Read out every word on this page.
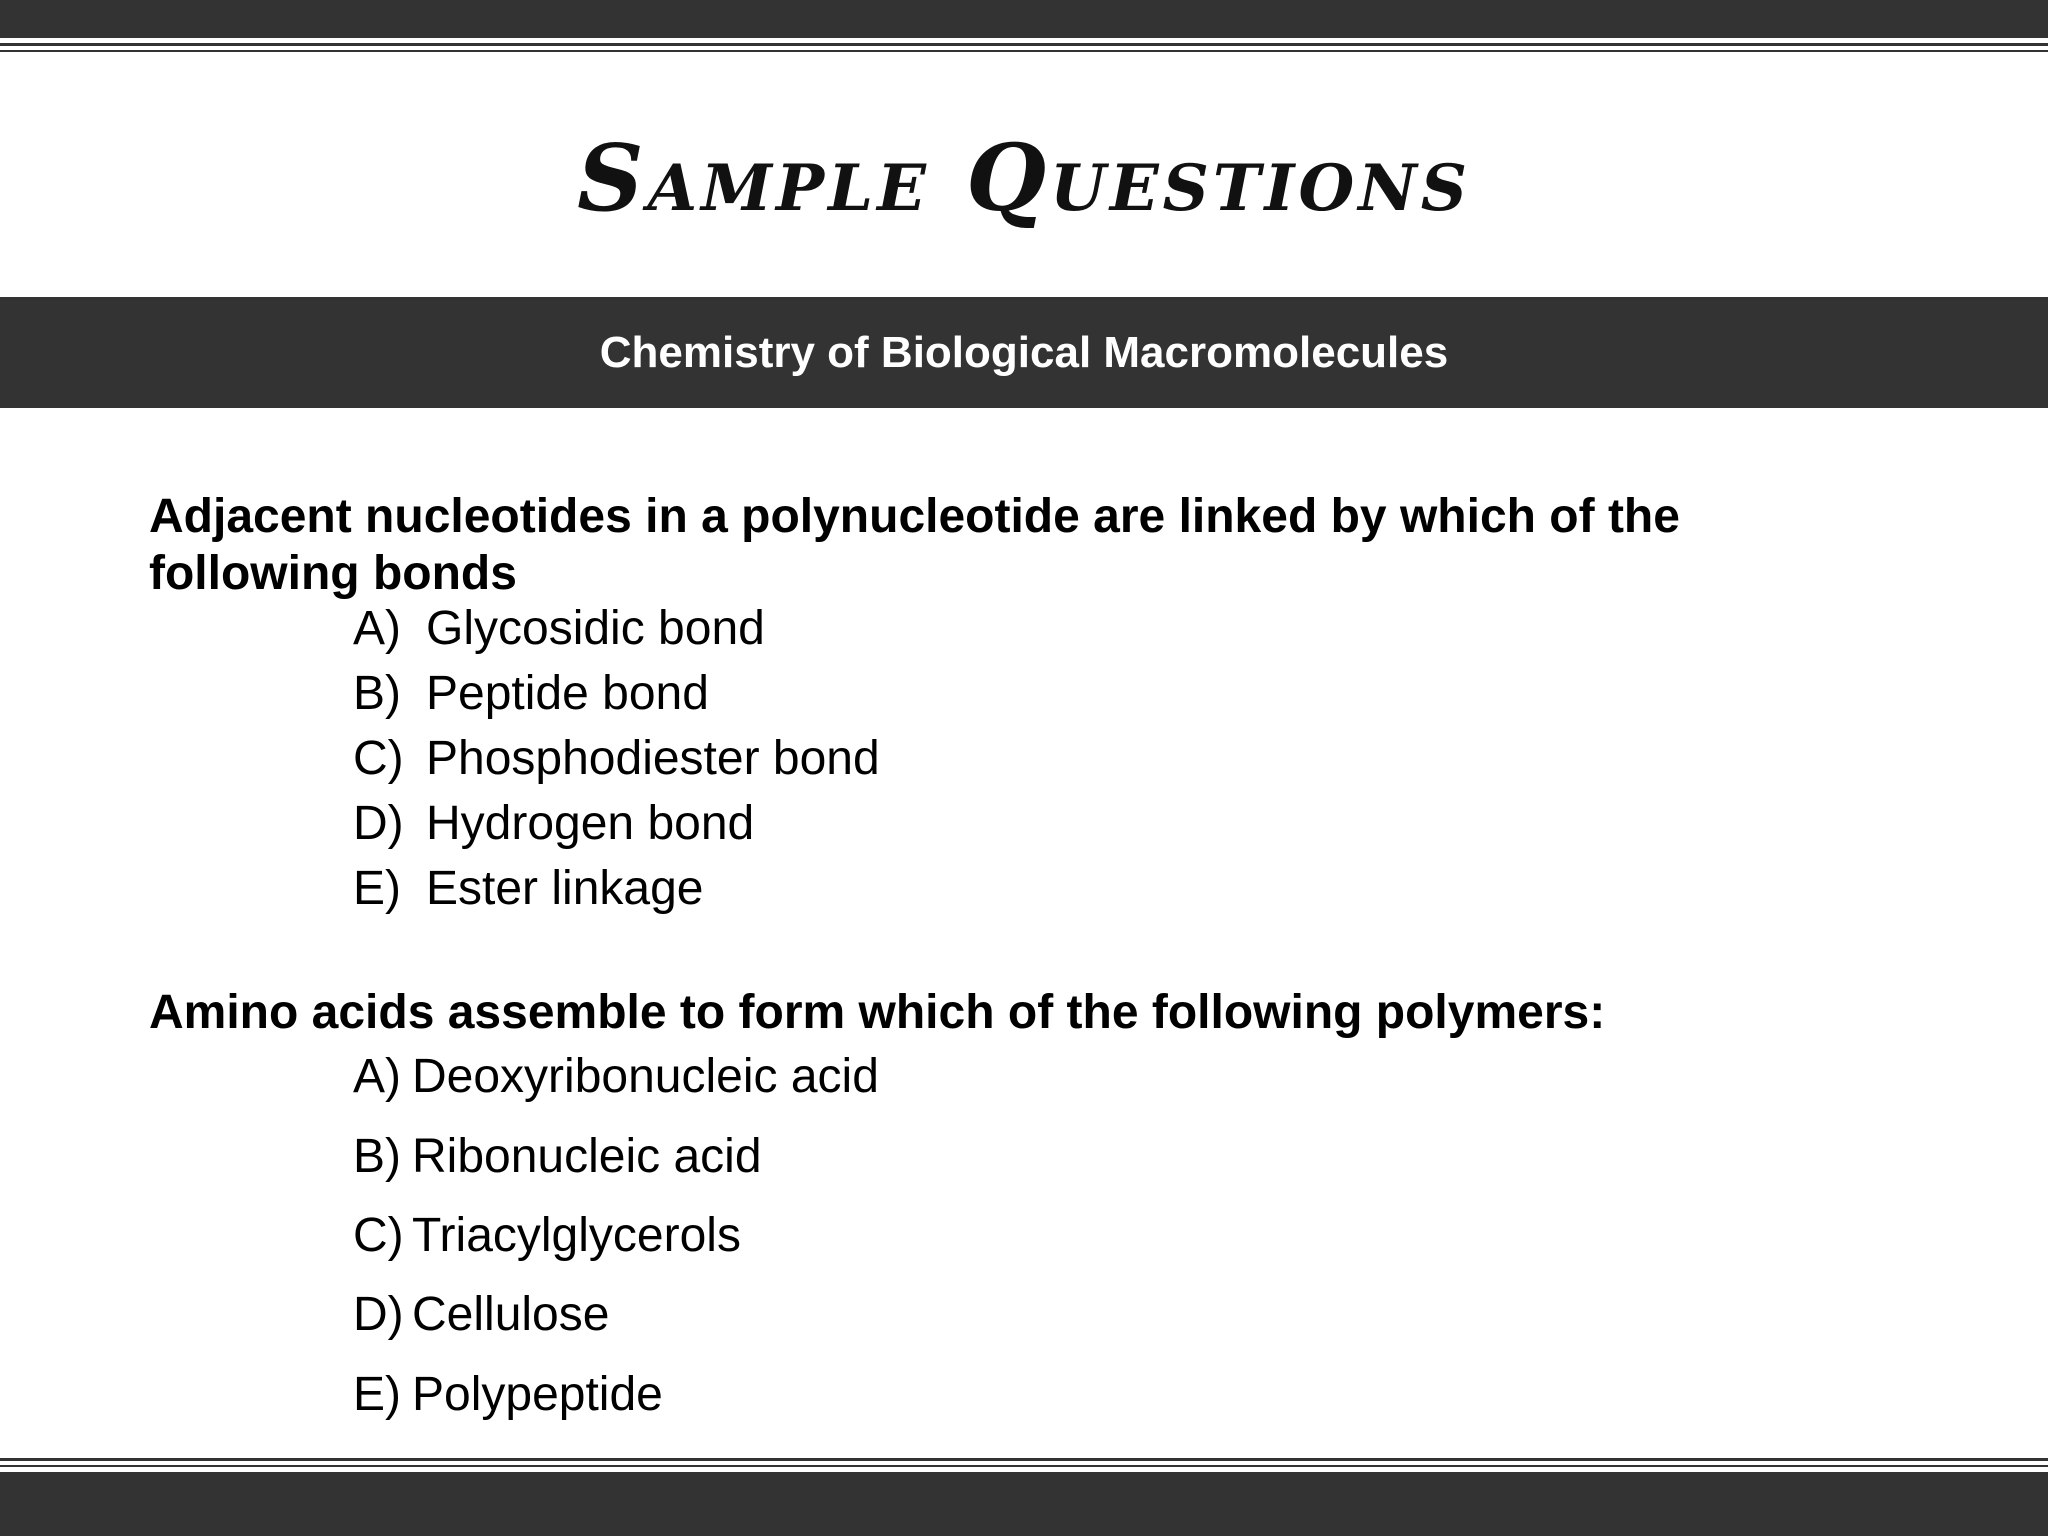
Sample Questions
Chemistry of Biological Macromolecules
Adjacent nucleotides in a polynucleotide are linked by which of the following bonds
A) Glycosidic bond
B) Peptide bond
C) Phosphodiester bond
D) Hydrogen bond
E) Ester linkage
Amino acids assemble to form which of the following polymers:
A) Deoxyribonucleic acid
B) Ribonucleic acid
C) Triacylglycerols
D) Cellulose
E) Polypeptide
